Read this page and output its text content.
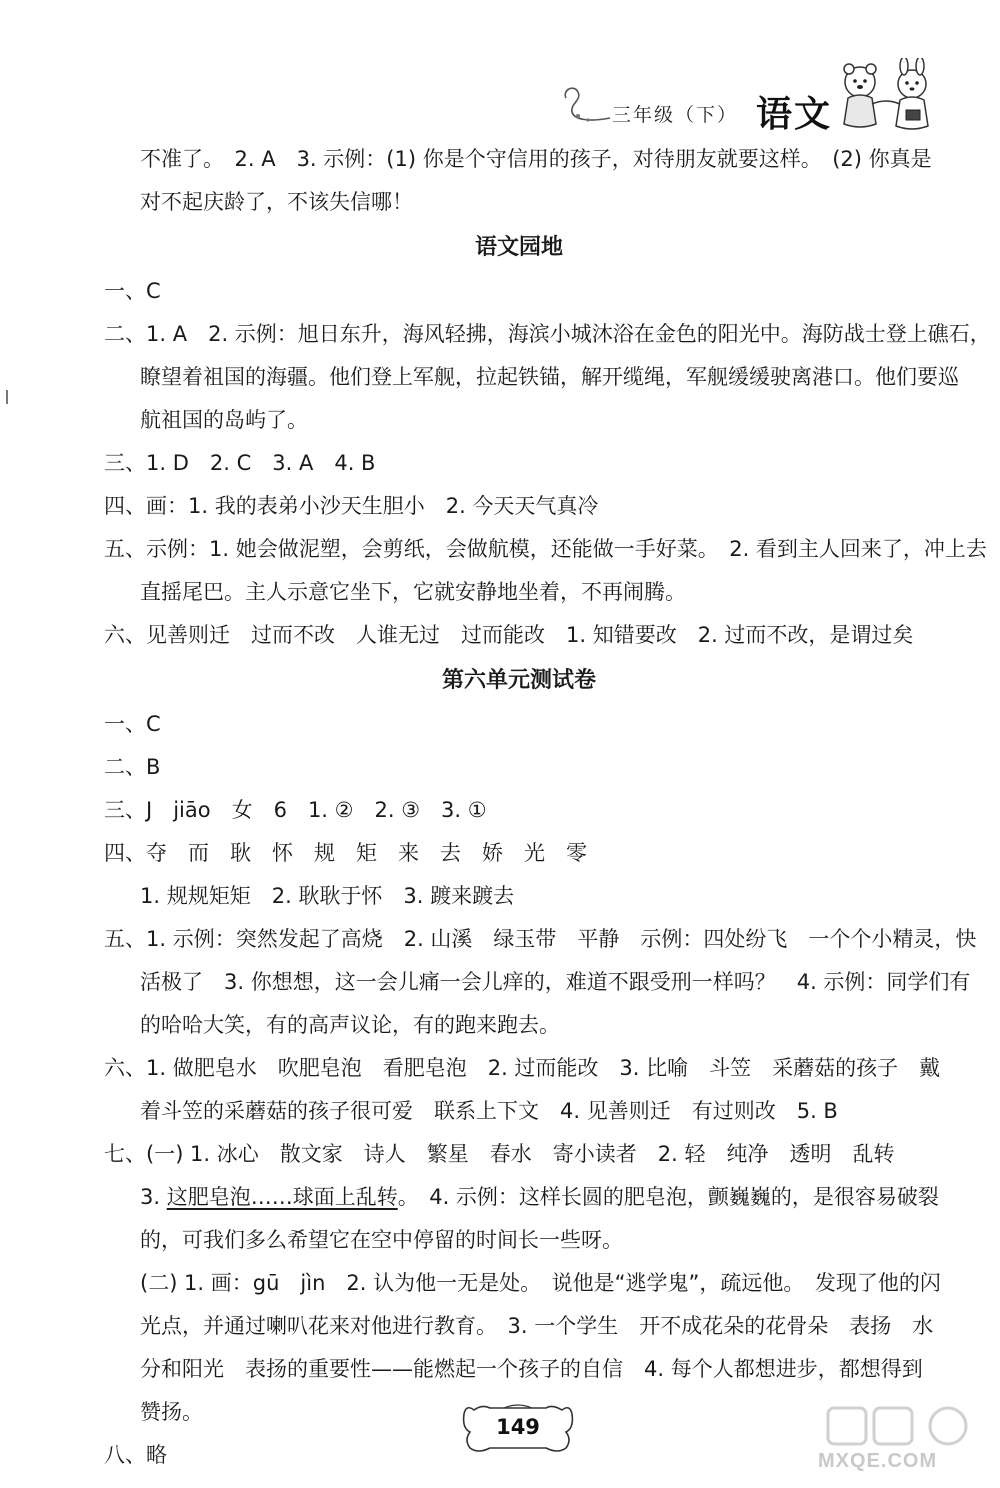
三年级（下） 语文

不准了。　2. A　3. 示例：(1) 你是个守信用的孩子，对待朋友就要这样。　(2) 你真是

对不起庆龄了，不该失信哪！

语文园地

一、C

二、1. A　2. 示例：旭日东升，海风轻拂，海滨小城沐浴在金色的阳光中。海防战士登上礁石，

瞭望着祖国的海疆。他们登上军舰，拉起铁锚，解开缆绳，军舰缓缓驶离港口。他们要巡

航祖国的岛屿了。

三、1. D　2. C　3. A　4. B

四、画：1. 我的表弟小沙天生胆小　2. 今天天气真冷

五、示例：1. 她会做泥塑，会剪纸，会做航模，还能做一手好菜。　2. 看到主人回来了，冲上去

直摇尾巴。主人示意它坐下，它就安静地坐着，不再闹腾。

六、见善则迁　过而不改　人谁无过　过而能改　1. 知错要改　2. 过而不改，是谓过矣

第六单元测试卷

一、C

二、B

三、J　jiāo　女　6　1. ②　2. ③　3. ①

四、夺　而　耿　怀　规　矩　来　去　娇　光　零

1. 规规矩矩　2. 耿耿于怀　3. 踱来踱去

五、1. 示例：突然发起了高烧　2. 山溪　绿玉带　平静　示例：四处纷飞　一个个小精灵，快

活极了　3. 你想想，这一会儿痛一会儿痒的，难道不跟受刑一样吗？　4. 示例：同学们有

的哈哈大笑，有的高声议论，有的跑来跑去。

六、1. 做肥皂水　吹肥皂泡　看肥皂泡　2. 过而能改　3. 比喻　斗笠　采蘑菇的孩子　戴

着斗笠的采蘑菇的孩子很可爱　联系上下文　4. 见善则迁　有过则改　5. B

七、(一) 1. 冰心　散文家　诗人　繁星　春水　寄小读者　2. 轻　纯净　透明　乱转

3. 这肥皂泡……球面上乱转。　4. 示例：这样长圆的肥皂泡，颤巍巍的，是很容易破裂

的，可我们多么希望它在空中停留的时间长一些呀。

(二) 1. 画：gū　jìn　2. 认为他一无是处。　说他是“逃学鬼”，疏远他。　发现了他的闪

光点，并通过喇叭花来对他进行教育。　3. 一个学生　开不成花朵的花骨朵　表扬　水

分和阳光　表扬的重要性——能燃起一个孩子的自信　4. 每个人都想进步，都想得到

赞扬。

八、略

149
MXQE.COM
